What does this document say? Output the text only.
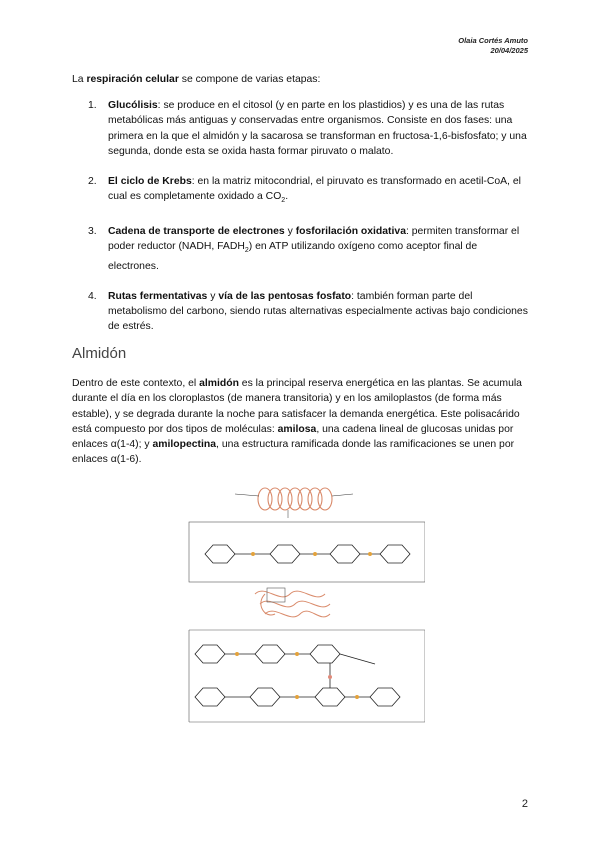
Olaia Cortés Amuto
20/04/2025
La respiración celular se compone de varias etapas:
1. Glucólisis: se produce en el citosol (y en parte en los plastidios) y es una de las rutas metabólicas más antiguas y conservadas entre organismos. Consiste en dos fases: una primera en la que el almidón y la sacarosa se transforman en fructosa-1,6-bisfosfato; y una segunda, donde esta se oxida hasta formar piruvato o malato.
2. El ciclo de Krebs: en la matriz mitocondrial, el piruvato es transformado en acetil-CoA, el cual es completamente oxidado a $CO_2$.
3. Cadena de transporte de electrones y fosforilación oxidativa: permiten transformar el poder reductor (NADH, $FADH_2$) en ATP utilizando oxígeno como aceptor final de electrones.
4. Rutas fermentativas y vía de las pentosas fosfato: también forman parte del metabolismo del carbono, siendo rutas alternativas especialmente activas bajo condiciones de estrés.
Almidón
Dentro de este contexto, el almidón es la principal reserva energética en las plantas. Se acumula durante el día en los cloroplastos (de manera transitoria) y en los amiloplastos (de forma más estable), y se degrada durante la noche para satisfacer la demanda energética. Este polisacárido está compuesto por dos tipos de moléculas: amilosa, una cadena lineal de glucosas unidas por enlaces α(1-4); y amilopectina, una estructura ramificada donde las ramificaciones se unen por enlaces α(1-6).
2
